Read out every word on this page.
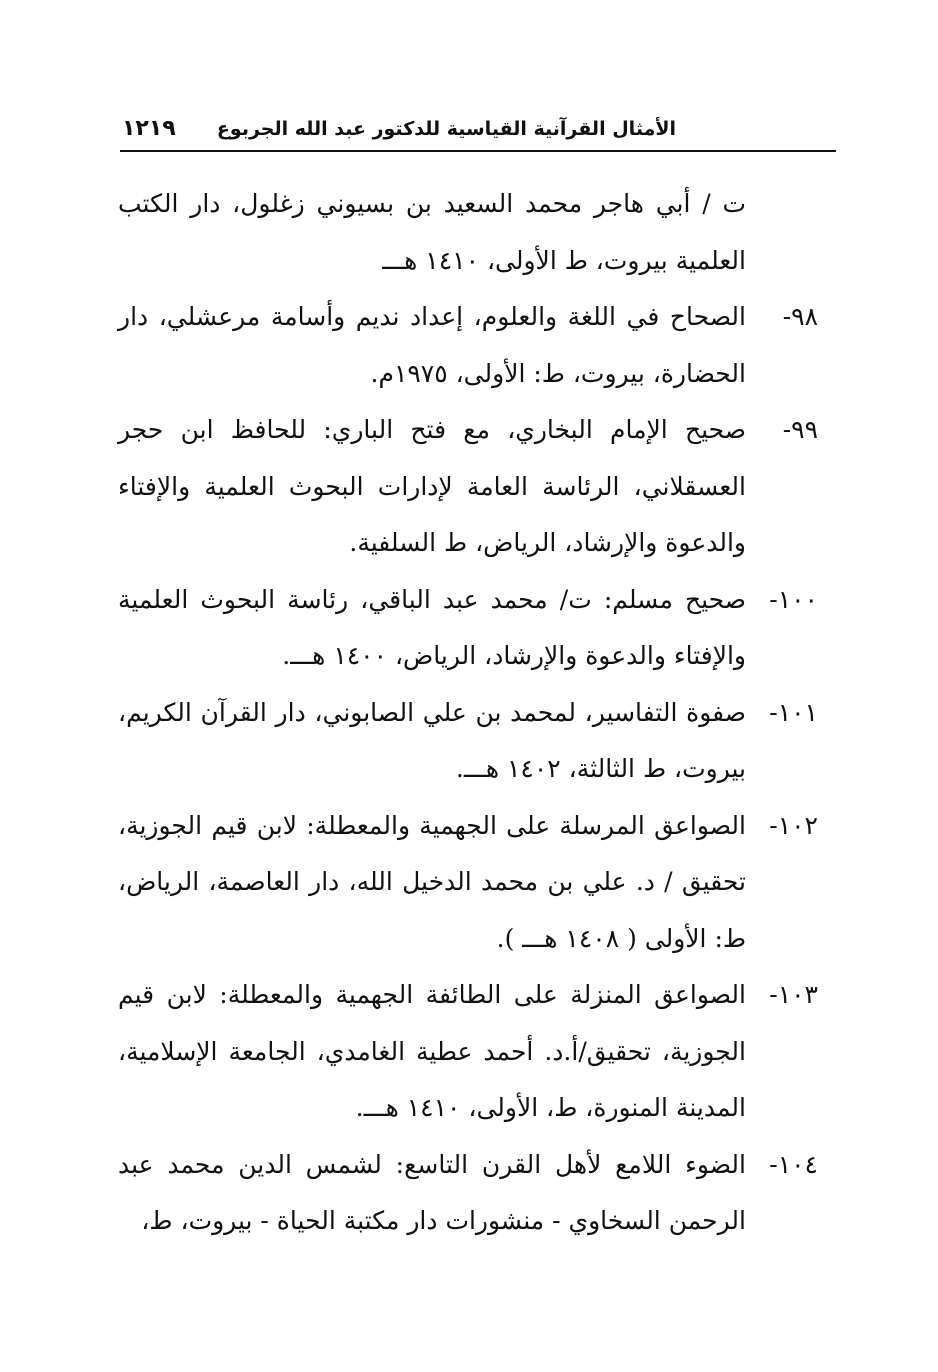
الأمثال القرآنية القياسية للدكتور عبد الله الجربوع
١٢١٩

ت / أبي هاجر محمد السعيد بن بسيوني زغلول، دار الكتب العلمية بيروت، ط الأولى، ١٤١٠ هـــ

٩٨-الصحاح في اللغة والعلوم، إعداد نديم وأسامة مرعشلي، دار الحضارة، بيروت، ط: الأولى، ١٩٧٥م.

٩٩-صحيح الإمام البخاري، مع فتح الباري: للحافظ ابن حجر العسقلاني، الرئاسة العامة لإدارات البحوث العلمية والإفتاء والدعوة والإرشاد، الرياض، ط السلفية.

١٠٠-صحيح مسلم: ت/ محمد عبد الباقي، رئاسة البحوث العلمية والإفتاء والدعوة والإرشاد، الرياض، ١٤٠٠ هـــ.

١٠١-صفوة التفاسير، لمحمد بن علي الصابوني، دار القرآن الكريم، بيروت، ط الثالثة، ١٤٠٢ هـــ.

١٠٢-الصواعق المرسلة على الجهمية والمعطلة: لابن قيم الجوزية، تحقيق / د. علي بن محمد الدخيل الله، دار العاصمة، الرياض، ط: الأولى ( ١٤٠٨ هـــ ).

١٠٣-الصواعق المنزلة على الطائفة الجهمية والمعطلة: لابن قيم الجوزية، تحقيق/أ.د. أحمد عطية الغامدي، الجامعة الإسلامية، المدينة المنورة، ط، الأولى، ١٤١٠ هـــ.

١٠٤-الضوء اللامع لأهل القرن التاسع: لشمس الدين محمد عبد الرحمن السخاوي - منشورات دار مكتبة الحياة - بيروت، ط،
